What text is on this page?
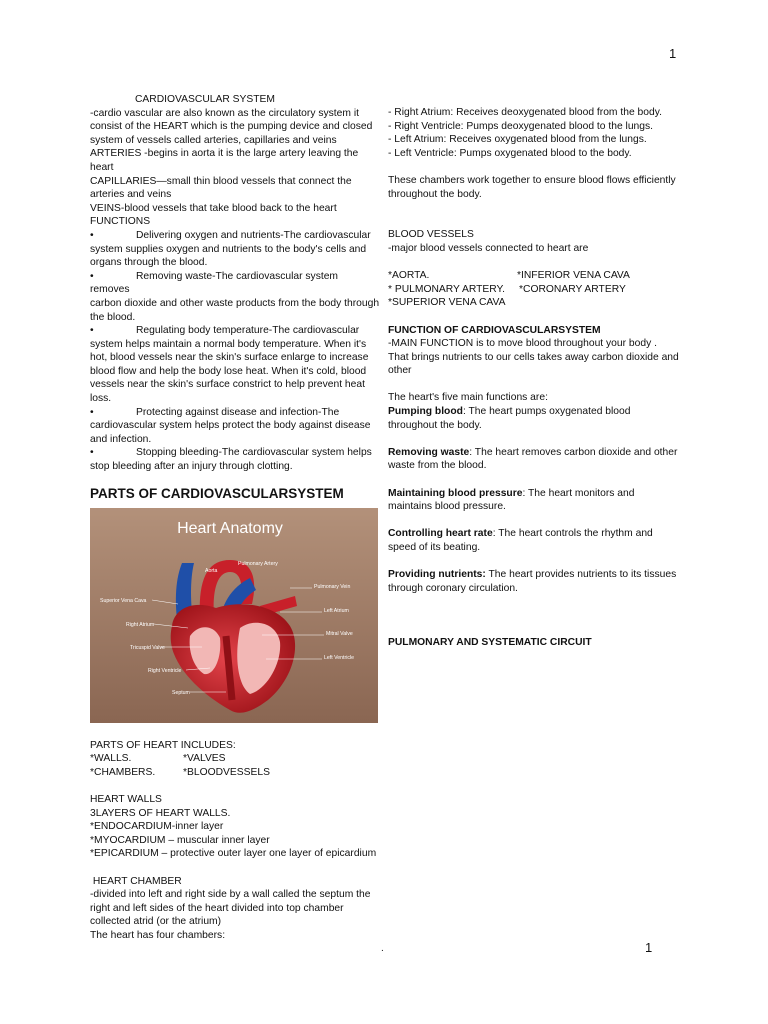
1

CARDIOVASCULAR SYSTEM

-cardio vascular are also known as the circulatory system it consist of the HEART which is the pumping device and closed system of vessels called arteries, capillaries and veins

ARTERIES -begins in aorta it is the large artery leaving the heart

CAPILLARIES—small thin blood vessels that connect the arteries and veins

VEINS-blood vessels that take blood back to the heart

FUNCTIONS

•	Delivering oxygen and nutrients-The cardiovascular
system supplies oxygen and nutrients to the body's cells and organs through the blood.

•	Removing waste-The cardiovascular system removes
carbon dioxide and other waste products from the body through the blood.

•	Regulating body temperature-The cardiovascular
system helps maintain a normal body temperature. When it's hot, blood vessels near the skin's surface enlarge to increase blood flow and help the body lose heat. When it's cold, blood vessels near the skin's surface constrict to help prevent heat loss.

•	Protecting against disease and infection-The
cardiovascular system helps protect the body against disease and infection.

•	Stopping bleeding-The cardiovascular system helps
stop bleeding after an injury through clotting.

PARTS OF CARDIOVASCULARSYSTEM

Heart Anatomy
Aorta
Pulmonary Artery
Pulmonary Vein
Superior Vena Cava
Left Atrium
Right Atrium
Mitral Valve
Tricuspid Valve
Left Ventricle
Right Ventricle
Septum

PARTS OF HEART INCLUDES:

*WALLS.	*VALVES

*CHAMBERS.	*BLOODVESSELS

HEART WALLS

3LAYERS OF HEART WALLS.

*ENDOCARDIUM-inner layer

*MYOCARDIUM – muscular inner layer

*EPICARDIUM – protective outer layer one layer of epicardium

HEART CHAMBER

-divided into left and right side by a wall called the septum the right and left sides of the heart divided into top chamber collected atrid (or the atrium)

The heart has four chambers:

- Right Atrium: Receives deoxygenated blood from the body.

- Right Ventricle: Pumps deoxygenated blood to the lungs.

- Left Atrium: Receives oxygenated blood from the lungs.

- Left Ventricle: Pumps oxygenated blood to the body.

These chambers work together to ensure blood flows efficiently throughout the body.

BLOOD VESSELS

-major blood vessels connected to heart are

*AORTA.	*INFERIOR VENA CAVA

* PULMONARY ARTERY.	*CORONARY ARTERY

*SUPERIOR VENA CAVA

FUNCTION OF CARDIOVASCULARSYSTEM

-MAIN FUNCTION is to move blood throughout your body . That brings nutrients to our cells takes away carbon dioxide and other

The heart's five main functions are:

Pumping blood: The heart pumps oxygenated blood throughout the body.

Removing waste: The heart removes carbon dioxide and other waste from the blood.

Maintaining blood pressure: The heart monitors and maintains blood pressure.

Controlling heart rate: The heart controls the rhythm and speed of its beating.

Providing nutrients: The heart provides nutrients to its tissues through coronary circulation.

PULMONARY AND SYSTEMATIC CIRCUIT

.	1
